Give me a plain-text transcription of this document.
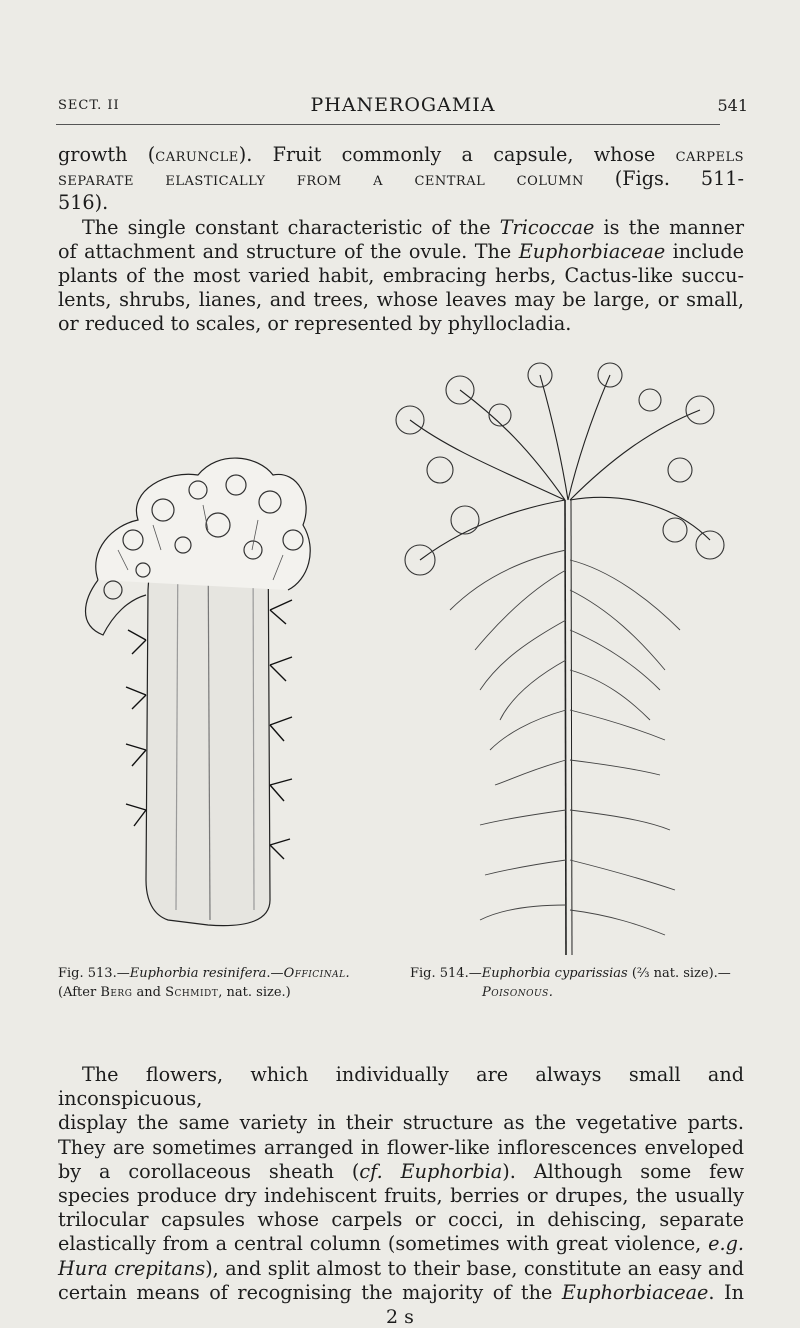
SECT. II	PHANEROGAMIA	541
growth (caruncle). Fruit commonly a capsule, whose carpels
separate elastically from a central column (Figs. 511-
516).
The single constant characteristic of the Tricoccae is the manner
of attachment and structure of the ovule. The Euphorbiaceae include
plants of the most varied habit, embracing herbs, Cactus-like succu-
lents, shrubs, lianes, and trees, whose leaves may be large, or small,
or reduced to scales, or represented by phyllocladia.
Fig. 513.—Euphorbia resinifera.—Officinal.
(After Berg and Schmidt, nat. size.)
Fig. 514.—Euphorbia cyparissias (⅔ nat. size).—
Poisonous.
The flowers, which individually are always small and inconspicuous,
display the same variety in their structure as the vegetative parts.
They are sometimes arranged in flower-like inflorescences enveloped
by a corollaceous sheath (cf. Euphorbia). Although some few
species produce dry indehiscent fruits, berries or drupes, the usually
trilocular capsules whose carpels or cocci, in dehiscing, separate
elastically from a central column (sometimes with great violence, e.g.
Hura crepitans), and split almost to their base, constitute an easy and
certain means of recognising the majority of the Euphorbiaceae. In
2 s
